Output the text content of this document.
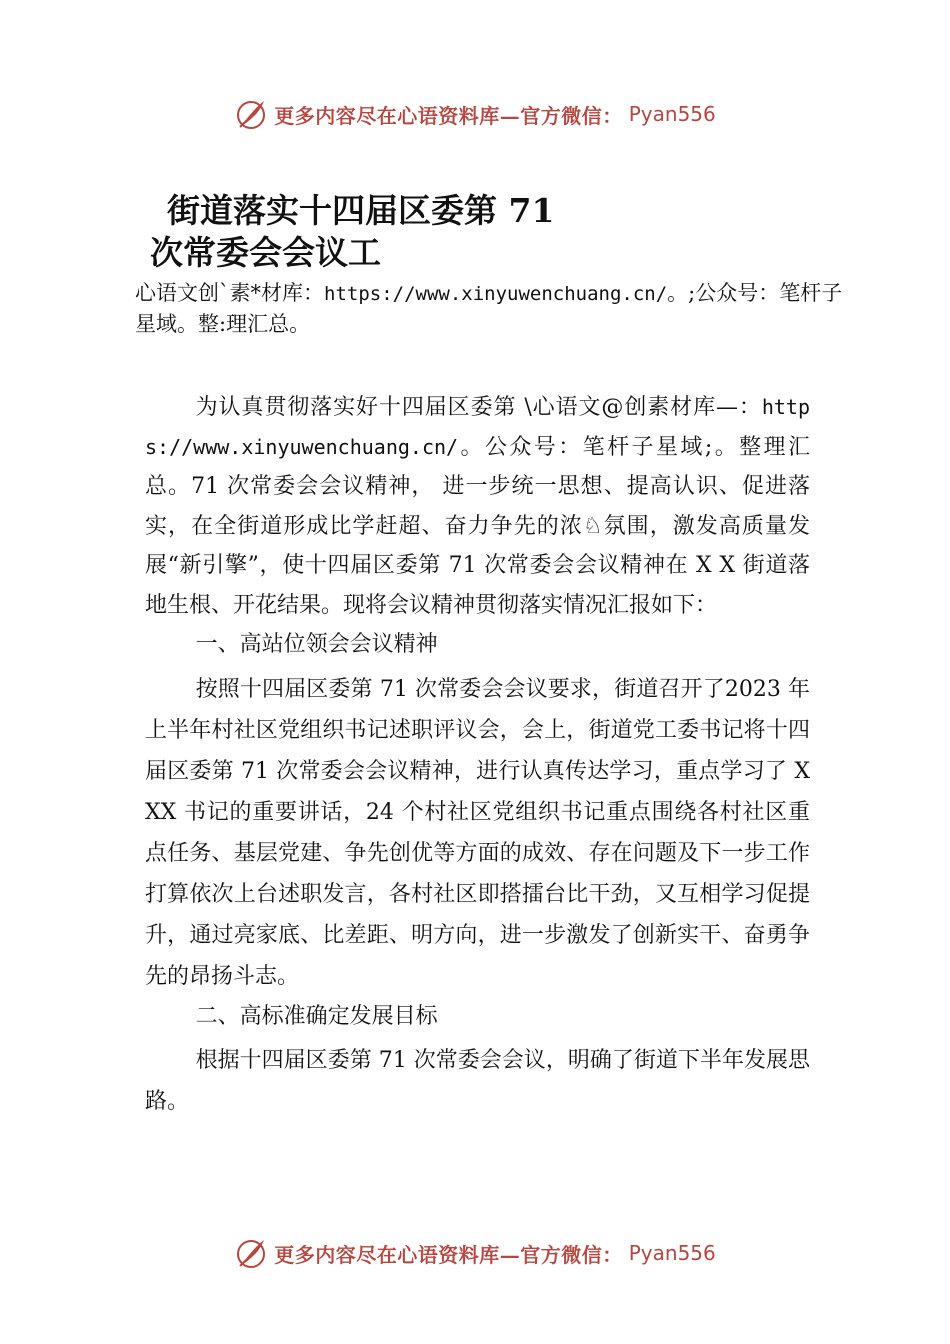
更多内容尽在心语资料库—官方微信： Pyan556
街道落实十四届区委第 71
次常委会会议工
心语文创`素*材库：https://www.xinyuwenchuang.cn/。;公众号：笔杆子星域。整:理汇总。

为认真贯彻落实好十四届区委第 \心语文@创素材库—：https://www.xinyuwenchuang.cn/。公众号：笔杆子星域;。整理汇总。71 次常委会会议精神， 进一步统一思想、提高认识、促进落实，在全街道形成比学赶超、奋力争先的浓♘氛围，激发高质量发展“新引擎”，使十四届区委第 71 次常委会会议精神在 X X 街道落地生根、开花结果。现将会议精神贯彻落实情况汇报如下：

一、高站位领会会议精神

按照十四届区委第 71 次常委会会议要求，街道召开了2023 年上半年村社区党组织书记述职评议会，会上，街道党工委书记将十四届区委第 71 次常委会会议精神，进行认真传达学习，重点学习了 XXX 书记的重要讲话，24 个村社区党组织书记重点围绕各村社区重点任务、基层党建、争先创优等方面的成效、存在问题及下一步工作打算依次上台述职发言，各村社区即搭擂台比干劲，又互相学习促提升，通过亮家底、比差距、明方向，进一步激发了创新实干、奋勇争先的昂扬斗志。

二、高标准确定发展目标

根据十四届区委第 71 次常委会会议，明确了街道下半年发展思路。

更多内容尽在心语资料库—官方微信： Pyan556
